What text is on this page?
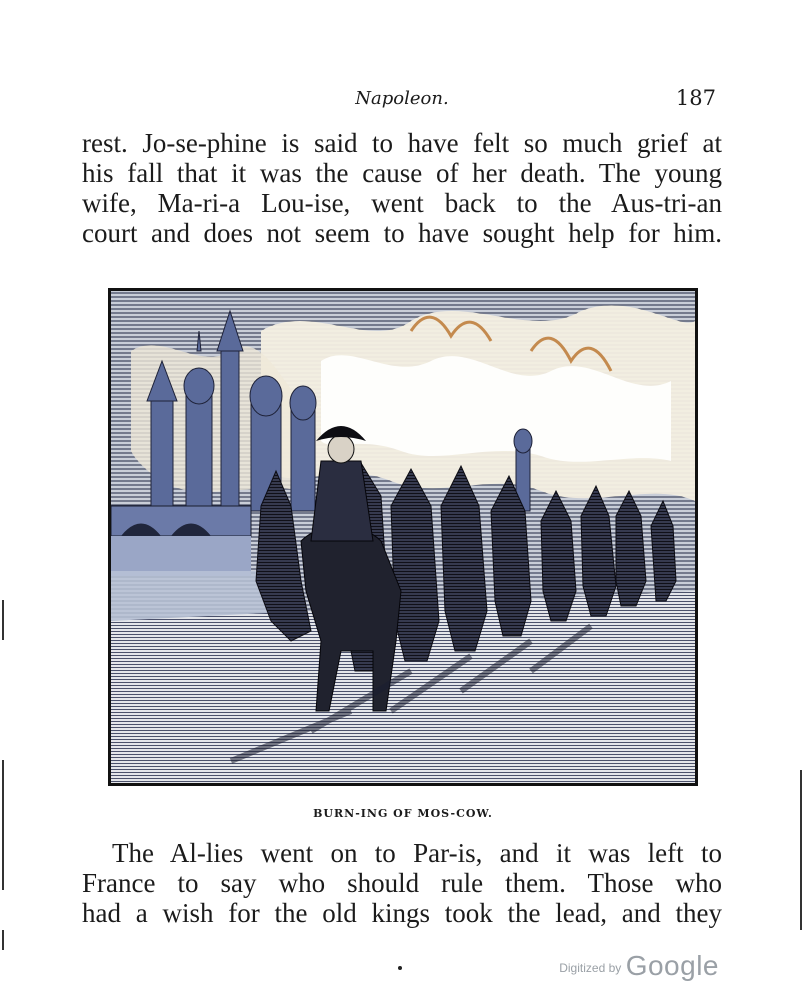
Napoleon.	187
rest. Jo-se-phine is said to have felt so much grief at
his fall that it was the cause of her death. The young
wife, Ma-ri-a Lou-ise, went back to the Aus-tri-an
court and does not seem to have sought help for him.
BURN-ING OF MOS-COW.
The Al-lies went on to Par-is, and it was left to
France to say who should rule them. Those who
had a wish for the old kings took the lead, and they
Digitized by Google
